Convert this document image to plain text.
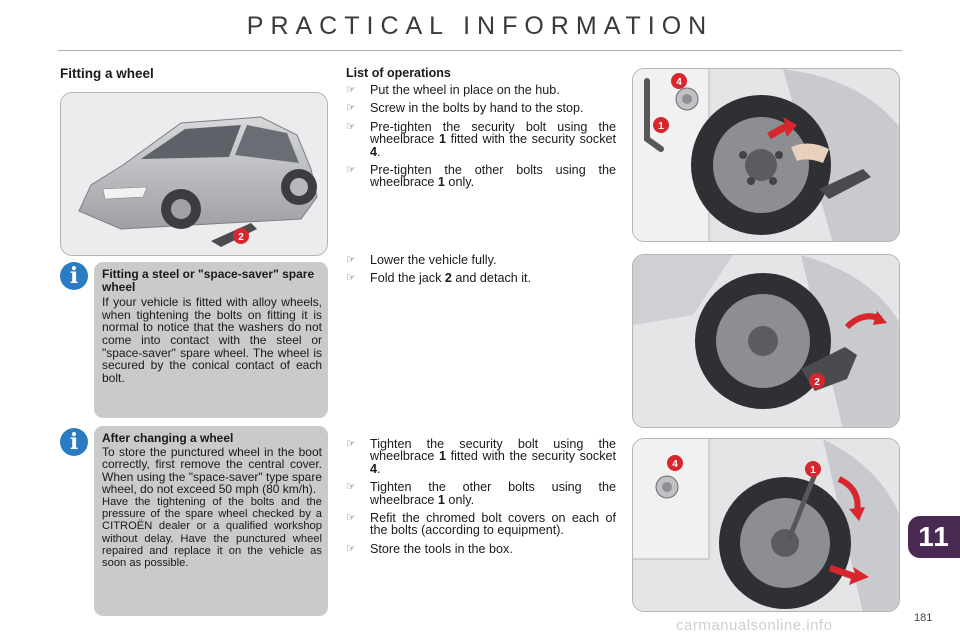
PRACTICAL INFORMATION
Fitting a wheel
2
i	Fitting a steel or "space-saver" spare wheel
If your vehicle is fitted with alloy wheels, when tightening the bolts on fitting it is normal to notice that the washers do not come into contact with the steel or "space-saver" spare wheel. The wheel is secured by the conical contact of each bolt.
i	After changing a wheel
To store the punctured wheel in the boot correctly, first remove the central cover. When using the "space-saver" type spare wheel, do not exceed 50 mph (80 km/h).
Have the tightening of the bolts and the pressure of the spare wheel checked by a CITROËN dealer or a qualified workshop without delay. Have the punctured wheel repaired and replace it on the vehicle as soon as possible.
List of operations
☞ Put the wheel in place on the hub.
☞ Screw in the bolts by hand to the stop.
☞ Pre-tighten the security bolt using the wheelbrace 1 fitted with the security socket 4.
☞ Pre-tighten the other bolts using the wheelbrace 1 only.
☞ Lower the vehicle fully.
☞ Fold the jack 2 and detach it.
☞ Tighten the security bolt using the wheelbrace 1 fitted with the security socket 4.
☞ Tighten the other bolts using the wheelbrace 1 only.
☞ Refit the chromed bolt covers on each of the bolts (according to equipment).
☞ Store the tools in the box.
4
1
2
4
1
11
carmanualsonline.info	181
